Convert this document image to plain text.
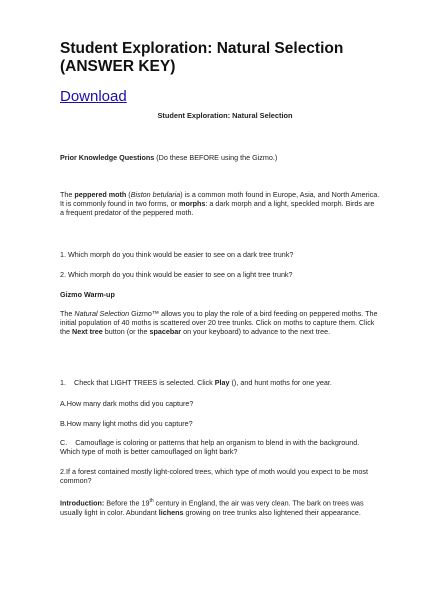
Student Exploration: Natural Selection
(ANSWER KEY)
Download
Student Exploration: Natural Selection

Prior Knowledge Questions (Do these BEFORE using the Gizmo.)

The peppered moth (Biston betularia) is a common moth found in Europe, Asia, and North America. It is commonly found in two forms, or morphs: a dark morph and a light, speckled morph. Birds are a frequent predator of the peppered moth.

1. Which morph do you think would be easier to see on a dark tree trunk?

2. Which morph do you think would be easier to see on a light tree trunk?

Gizmo Warm-up

The Natural Selection Gizmo™ allows you to play the role of a bird feeding on peppered moths. The initial population of 40 moths is scattered over 20 tree trunks. Click on moths to capture them. Click the Next tree button (or the spacebar on your keyboard) to advance to the next tree.

1. Check that LIGHT TREES is selected. Click Play (), and hunt moths for one year.

A.How many dark moths did you capture?

B.How many light moths did you capture?

C. Camouflage is coloring or patterns that help an organism to blend in with the background. Which type of moth is better camouflaged on light bark?

2.If a forest contained mostly light-colored trees, which type of moth would you expect to be most common?

Introduction: Before the 19th century in England, the air was very clean. The bark on trees was usually light in color. Abundant lichens growing on tree trunks also lightened their appearance.
